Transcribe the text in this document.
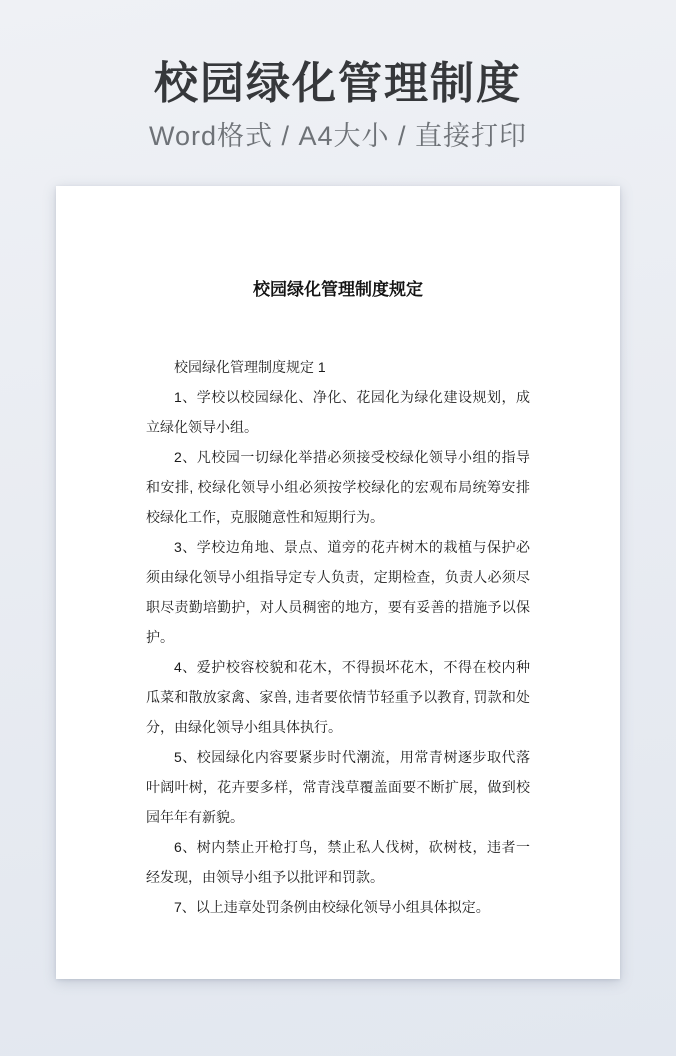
校园绿化管理制度

Word格式 / A4大小 / 直接打印

校园绿化管理制度规定

校园绿化管理制度规定 1

1、学校以校园绿化、净化、花园化为绿化建设规划，成立绿化领导小组。

2、凡校园一切绿化举措必须接受校绿化领导小组的指导和安排, 校绿化领导小组必须按学校绿化的宏观布局统筹安排校绿化工作，克服随意性和短期行为。

3、学校边角地、景点、道旁的花卉树木的栽植与保护必须由绿化领导小组指导定专人负责，定期检查，负责人必须尽职尽责勤培勤护，对人员稠密的地方，要有妥善的措施予以保护。

4、爱护校容校貌和花木，不得损坏花木，不得在校内种瓜菜和散放家禽、家兽, 违者要依情节轻重予以教育, 罚款和处分，由绿化领导小组具体执行。

5、校园绿化内容要紧步时代潮流，用常青树逐步取代落叶阔叶树，花卉要多样，常青浅草覆盖面要不断扩展，做到校园年年有新貌。

6、树内禁止开枪打鸟，禁止私人伐树，砍树枝，违者一经发现，由领导小组予以批评和罚款。

7、以上违章处罚条例由校绿化领导小组具体拟定。
